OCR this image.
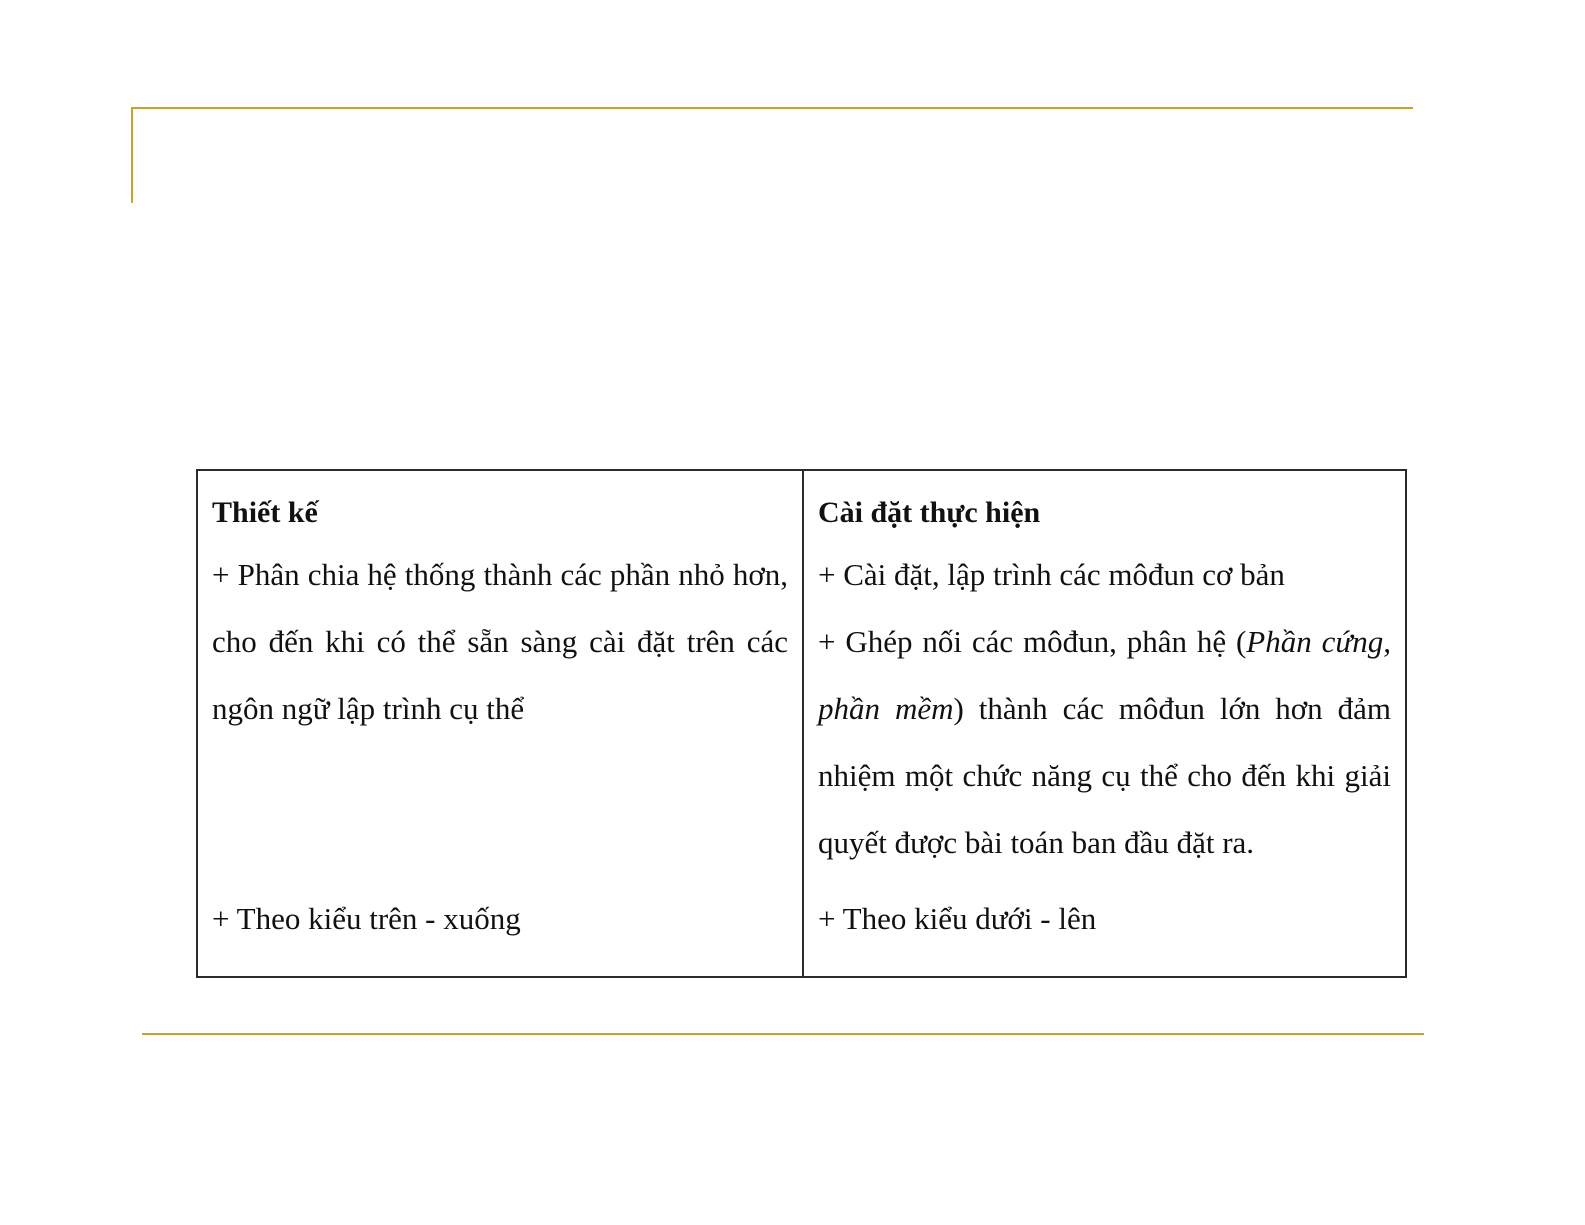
Thiết kế

+ Phân chia hệ thống thành các phần nhỏ hơn, cho đến khi có thể sẵn sàng cài đặt trên các ngôn ngữ lập trình cụ thể

+ Theo kiểu trên - xuống

Cài đặt thực hiện

+ Cài đặt, lập trình các môđun cơ bản

+ Ghép nối các môđun, phân hệ (Phần cứng, phần mềm) thành các môđun lớn hơn đảm nhiệm một chức năng cụ thể cho đến khi giải quyết được bài toán ban đầu đặt ra.

+ Theo kiểu dưới - lên
